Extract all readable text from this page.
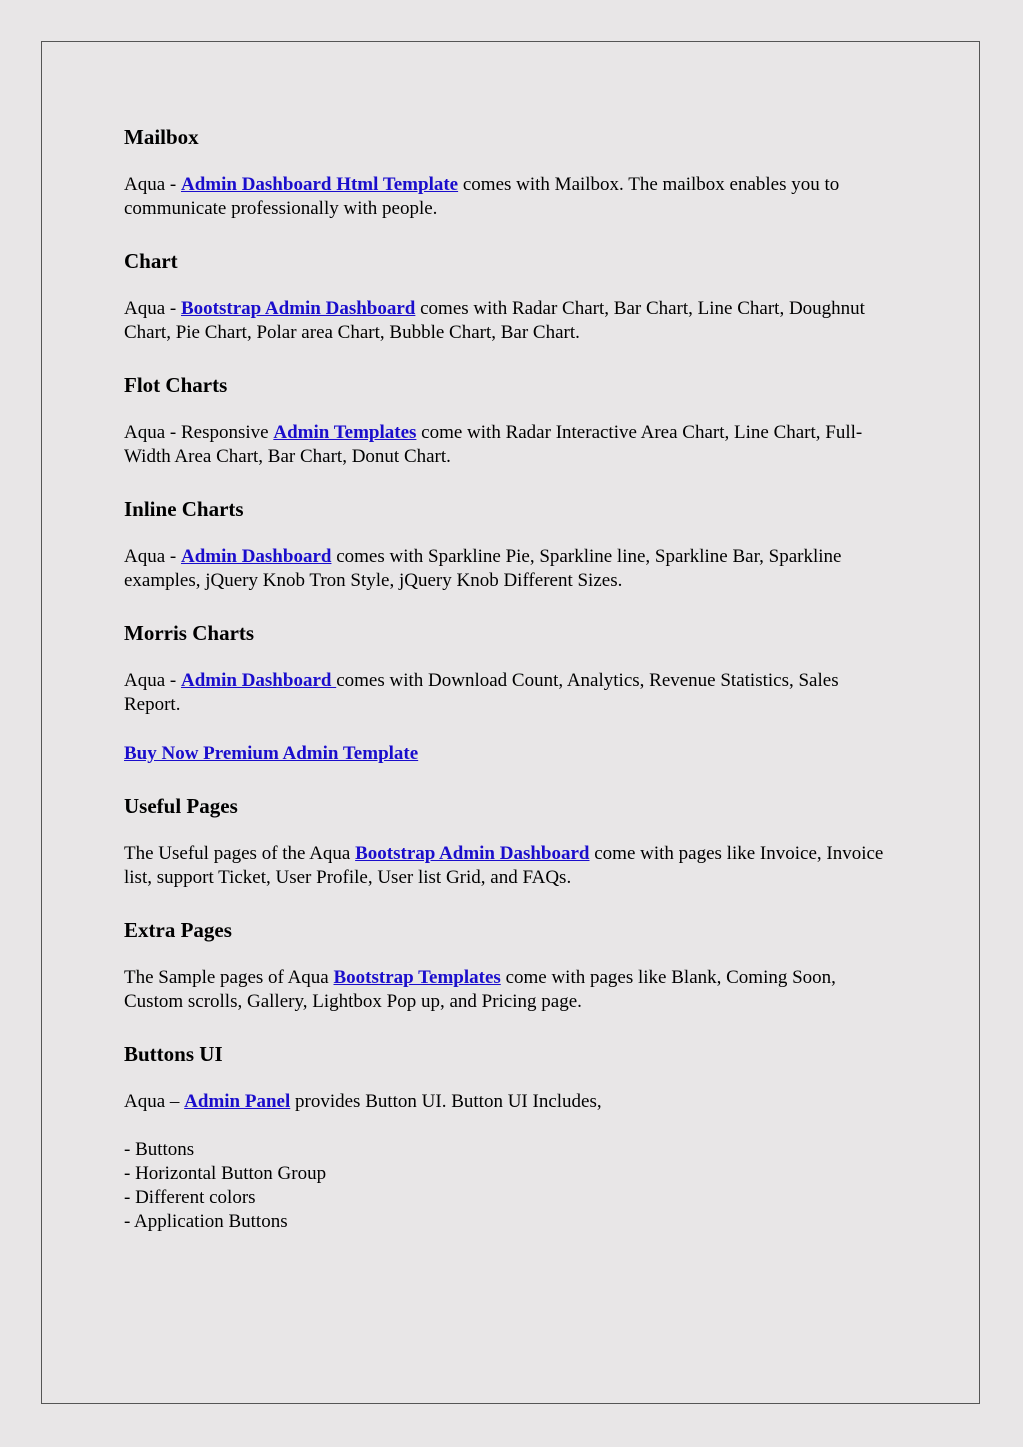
Mailbox

Aqua - Admin Dashboard Html Template comes with Mailbox. The mailbox enables you to communicate professionally with people.

Chart

Aqua - Bootstrap Admin Dashboard comes with Radar Chart, Bar Chart, Line Chart, Doughnut Chart, Pie Chart, Polar area Chart, Bubble Chart, Bar Chart.

Flot Charts

Aqua - Responsive Admin Templates come with Radar Interactive Area Chart, Line Chart, Full-Width Area Chart, Bar Chart, Donut Chart.

Inline Charts

Aqua - Admin Dashboard comes with Sparkline Pie, Sparkline line, Sparkline Bar, Sparkline examples, jQuery Knob Tron Style, jQuery Knob Different Sizes.

Morris Charts

Aqua - Admin Dashboard comes with Download Count, Analytics, Revenue Statistics, Sales Report.

Buy Now Premium Admin Template

Useful Pages

The Useful pages of the Aqua Bootstrap Admin Dashboard come with pages like Invoice, Invoice list, support Ticket, User Profile, User list Grid, and FAQs.

Extra Pages

The Sample pages of Aqua Bootstrap Templates come with pages like Blank, Coming Soon, Custom scrolls, Gallery, Lightbox Pop up, and Pricing page.

Buttons UI

Aqua – Admin Panel provides Button UI. Button UI Includes,

- Buttons
- Horizontal Button Group
- Different colors
- Application Buttons
